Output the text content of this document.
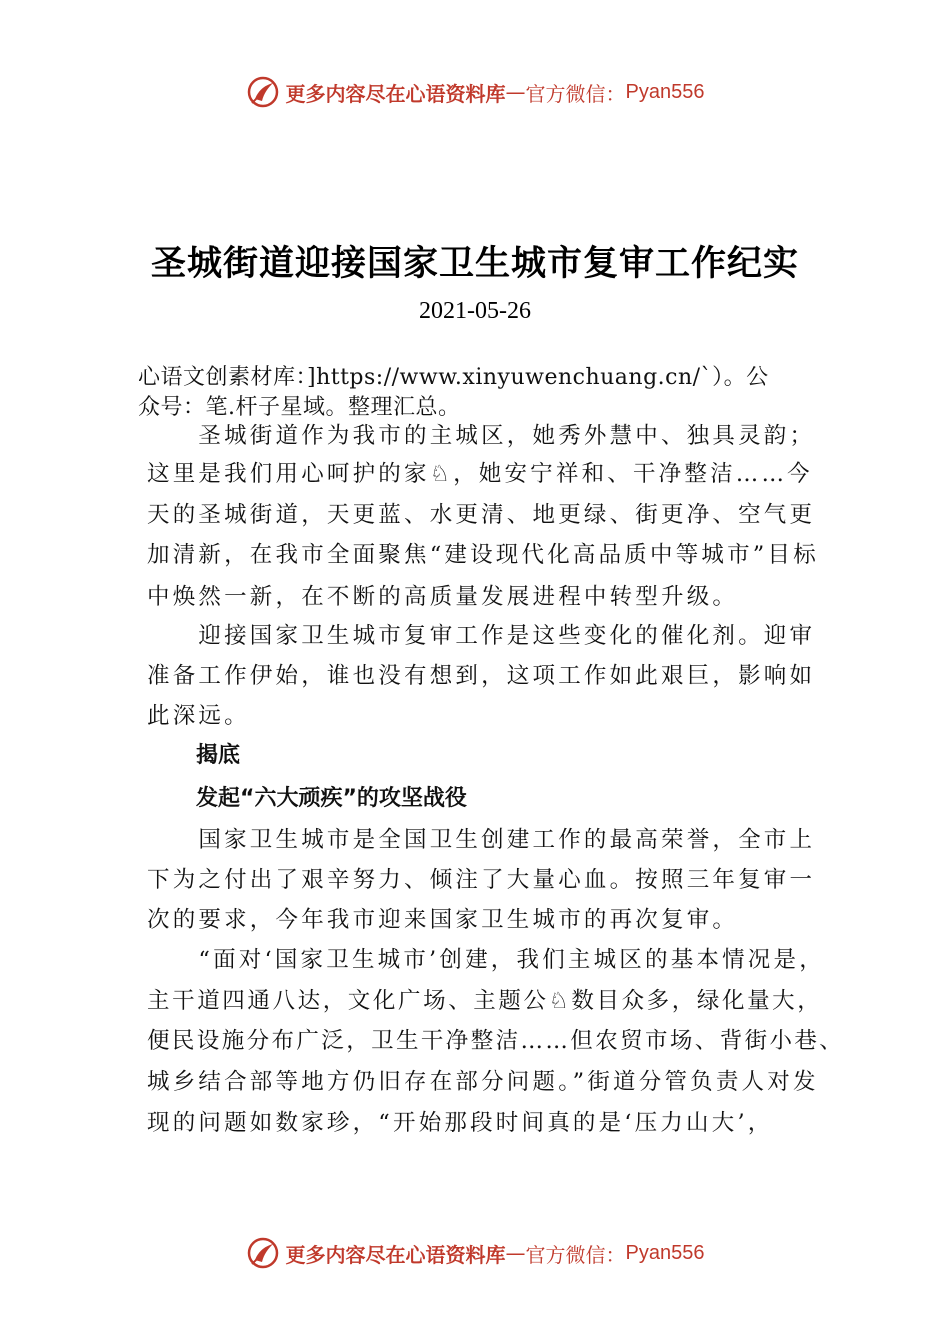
更多内容尽在心语资料库 — 官方微信： Pyan556
圣城街道迎接国家卫生城市复审工作纪实
2021-05-26

心语文创素材库：]https://www.xinyuwenchuang.cn/`）。公

众号：笔.杆子星域。整理汇总。

　　圣城街道作为我市的主城区，她秀外慧中、独具灵韵；

这里是我们用心呵护的家♘，她安宁祥和、干净整洁……今

天的圣城街道，天更蓝、水更清、地更绿、街更净、空气更

加清新，在我市全面聚焦“建设现代化高品质中等城市”目标

中焕然一新，在不断的高质量发展进程中转型升级。

　　迎接国家卫生城市复审工作是这些变化的催化剂。迎审

准备工作伊始，谁也没有想到，这项工作如此艰巨，影响如

此深远。

揭底

发起“六大顽疾”的攻坚战役

　　国家卫生城市是全国卫生创建工作的最高荣誉，全市上

下为之付出了艰辛努力、倾注了大量心血。按照三年复审一

次的要求，今年我市迎来国家卫生城市的再次复审。

　　“面对‘国家卫生城市’创建，我们主城区的基本情况是，

主干道四通八达，文化广场、主题公♘数目众多，绿化量大，

便民设施分布广泛，卫生干净整洁……但农贸市场、背街小巷、

城乡结合部等地方仍旧存在部分问题。”街道分管负责人对发

现的问题如数家珍，“开始那段时间真的是‘压力山大’，

更多内容尽在心语资料库 — 官方微信： Pyan556
